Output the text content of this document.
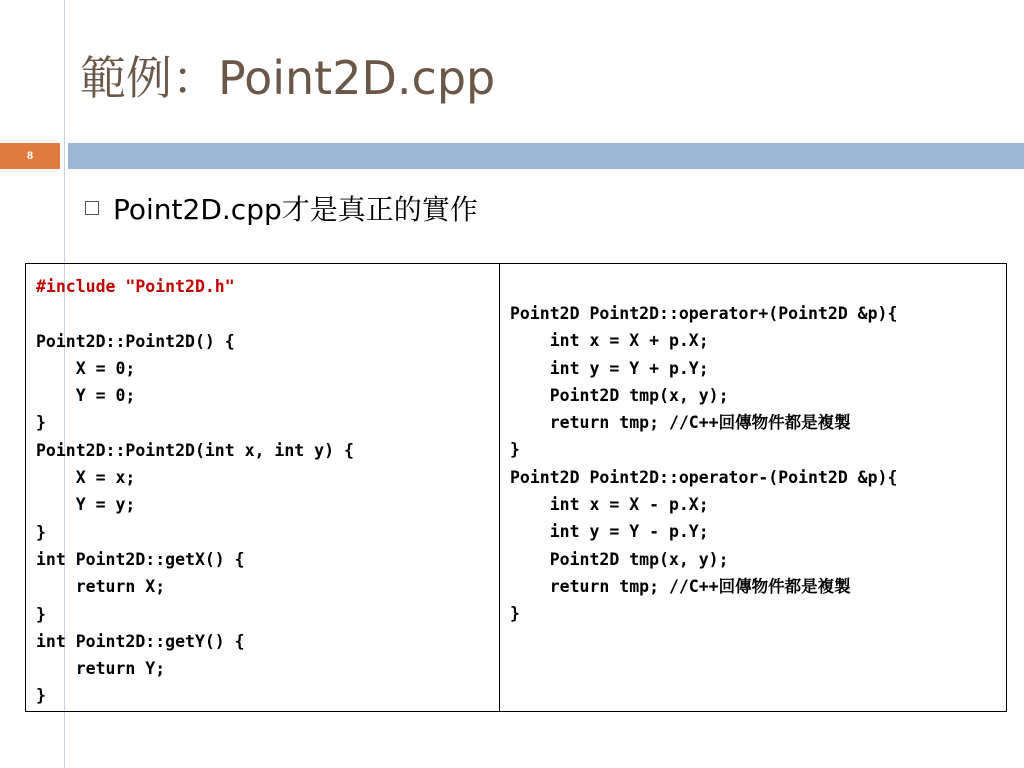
範例：Point2D.cpp
8
Point2D.cpp才是真正的實作
#include "Point2D.h"
Point2D::Point2D() {
X = 0;
Y = 0;
}
Point2D::Point2D(int x, int y) {
X = x;
Y = y;
}
int Point2D::getX() {
return X;
}
int Point2D::getY() {
return Y;
}
Point2D Point2D::operator+(Point2D &p){
int x = X + p.X;
int y = Y + p.Y;
Point2D tmp(x, y);
return tmp; //C++回傳物件都是複製
}
Point2D Point2D::operator-(Point2D &p){
int x = X - p.X;
int y = Y - p.Y;
Point2D tmp(x, y);
return tmp; //C++回傳物件都是複製
}
